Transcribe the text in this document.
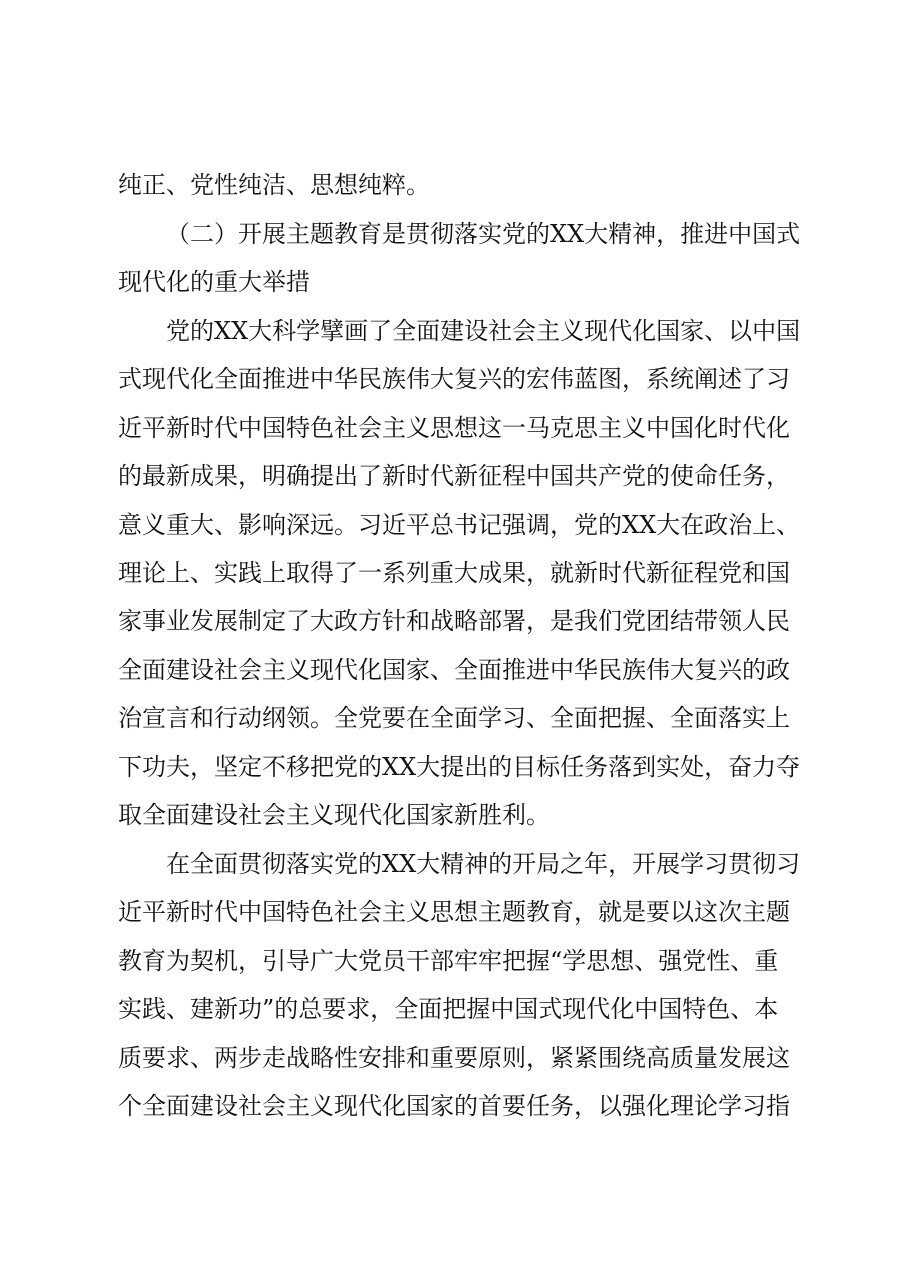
纯正、党性纯洁、思想纯粹。
（二）开展主题教育是贯彻落实党的XX大精神，推进中国式
现代化的重大举措
党的XX大科学擘画了全面建设社会主义现代化国家、以中国
式现代化全面推进中华民族伟大复兴的宏伟蓝图，系统阐述了习
近平新时代中国特色社会主义思想这一马克思主义中国化时代化
的最新成果，明确提出了新时代新征程中国共产党的使命任务，
意义重大、影响深远。习近平总书记强调，党的XX大在政治上、
理论上、实践上取得了一系列重大成果，就新时代新征程党和国
家事业发展制定了大政方针和战略部署，是我们党团结带领人民
全面建设社会主义现代化国家、全面推进中华民族伟大复兴的政
治宣言和行动纲领。全党要在全面学习、全面把握、全面落实上
下功夫，坚定不移把党的XX大提出的目标任务落到实处，奋力夺
取全面建设社会主义现代化国家新胜利。
在全面贯彻落实党的XX大精神的开局之年，开展学习贯彻习
近平新时代中国特色社会主义思想主题教育，就是要以这次主题
教育为契机，引导广大党员干部牢牢把握“学思想、强党性、重
实践、建新功”的总要求，全面把握中国式现代化中国特色、本
质要求、两步走战略性安排和重要原则，紧紧围绕高质量发展这
个全面建设社会主义现代化国家的首要任务，以强化理论学习指
